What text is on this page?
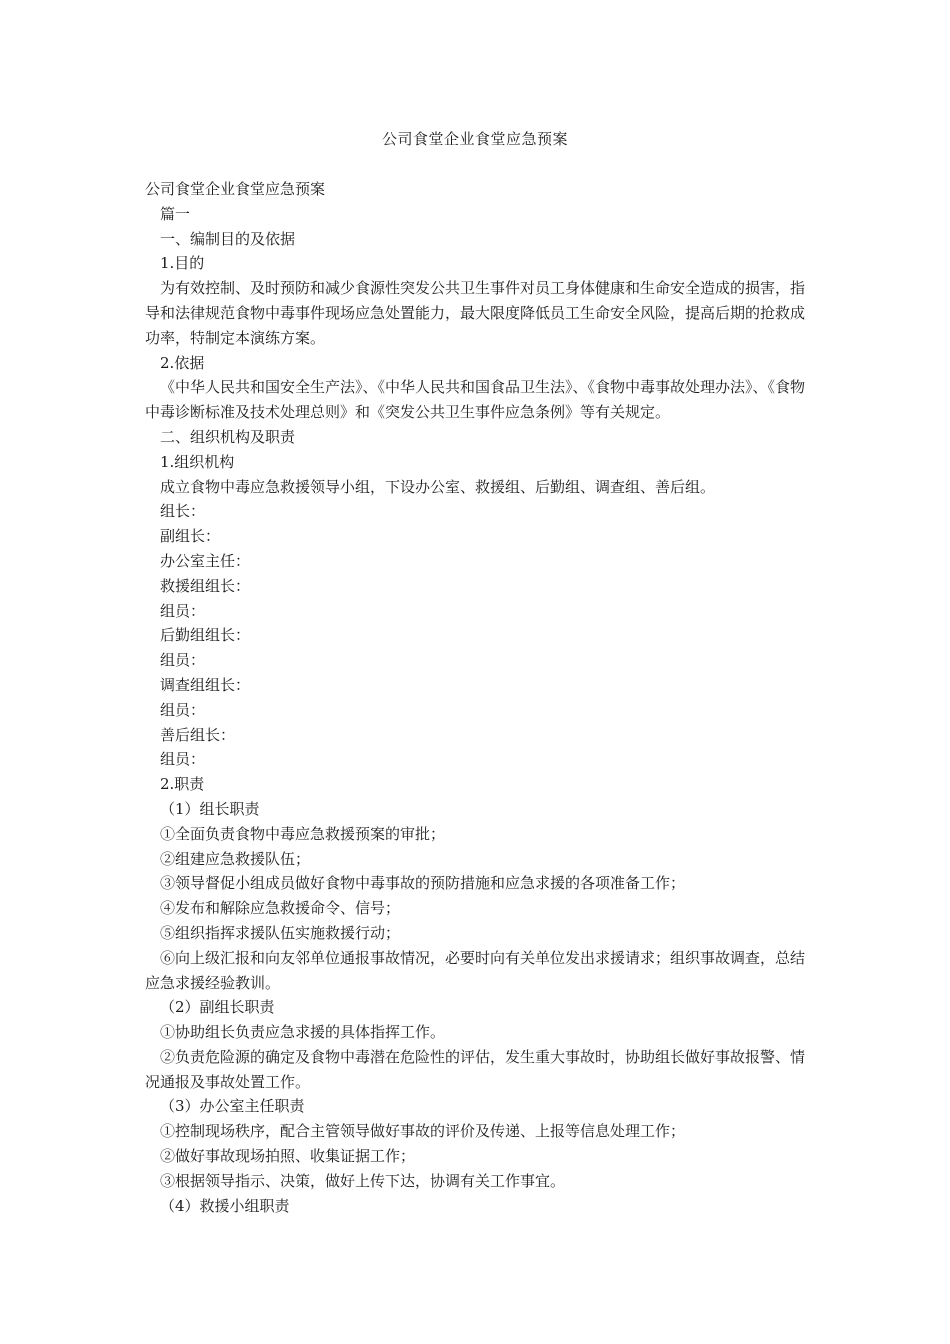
公司食堂企业食堂应急预案
公司食堂企业食堂应急预案
篇一
一、编制目的及依据
1.目的
为有效控制、及时预防和减少食源性突发公共卫生事件对员工身体健康和生命安全造成的损害，指导和法律规范食物中毒事件现场应急处置能力，最大限度降低员工生命安全风险，提高后期的抢救成功率，特制定本演练方案。
2.依据
《中华人民共和国安全生产法》、《中华人民共和国食品卫生法》、《食物中毒事故处理办法》、《食物中毒诊断标准及技术处理总则》和《突发公共卫生事件应急条例》等有关规定。
二、组织机构及职责
1.组织机构
成立食物中毒应急救援领导小组，下设办公室、救援组、后勤组、调查组、善后组。
组长：
副组长：
办公室主任：
救援组组长：
组员：
后勤组组长：
组员：
调查组组长：
组员：
善后组长：
组员：
2.职责
（1）组长职责
①全面负责食物中毒应急救援预案的审批；
②组建应急救援队伍；
③领导督促小组成员做好食物中毒事故的预防措施和应急求援的各项准备工作；
④发布和解除应急救援命令、信号；
⑤组织指挥求援队伍实施救援行动；
⑥向上级汇报和向友邻单位通报事故情况，必要时向有关单位发出求援请求；组织事故调查，总结应急求援经验教训。
（2）副组长职责
①协助组长负责应急求援的具体指挥工作。
②负责危险源的确定及食物中毒潜在危险性的评估，发生重大事故时，协助组长做好事故报警、情况通报及事故处置工作。
（3）办公室主任职责
①控制现场秩序，配合主管领导做好事故的评价及传递、上报等信息处理工作；
②做好事故现场拍照、收集证据工作；
③根据领导指示、决策，做好上传下达，协调有关工作事宜。
（4）救援小组职责
